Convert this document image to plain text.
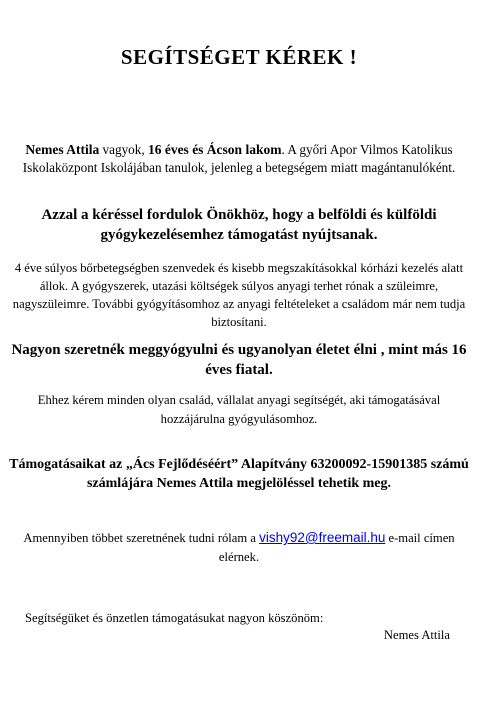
SEGÍTSÉGET KÉREK !
Nemes Attila vagyok, 16 éves és Ácson lakom. A győri Apor Vilmos Katolikus Iskolaközpont Iskolájában tanulok, jelenleg a betegségem miatt magántanulóként.
Azzal a kéréssel fordulok Önökhöz, hogy a belföldi és külföldi gyógykezelésemhez támogatást nyújtsanak.
4 éve súlyos bőrbetegségben szenvedek és kisebb megszakításokkal kórházi kezelés alatt állok. A gyógyszerek, utazási költségek súlyos anyagi terhet rónak a szüleimre, nagyszüleimre. További gyógyításomhoz az anyagi feltételeket a családom már nem tudja biztosítani.
Nagyon szeretnék meggyógyulni és ugyanolyan életet élni , mint más 16 éves fiatal.
Ehhez kérem minden olyan család, vállalat anyagi segítségét, aki támogatásával hozzájárulna gyógyulásomhoz.
Támogatásaikat az „Ács Fejlődéséért” Alapítvány 63200092-15901385 számú számlájára Nemes Attila megjelöléssel tehetik meg.
Amennyiben többet szeretnének tudni rólam a vishy92@freemail.hu e-mail címen elérnek.
Segítségüket és önzetlen támogatásukat nagyon köszönöm:
Nemes Attila
